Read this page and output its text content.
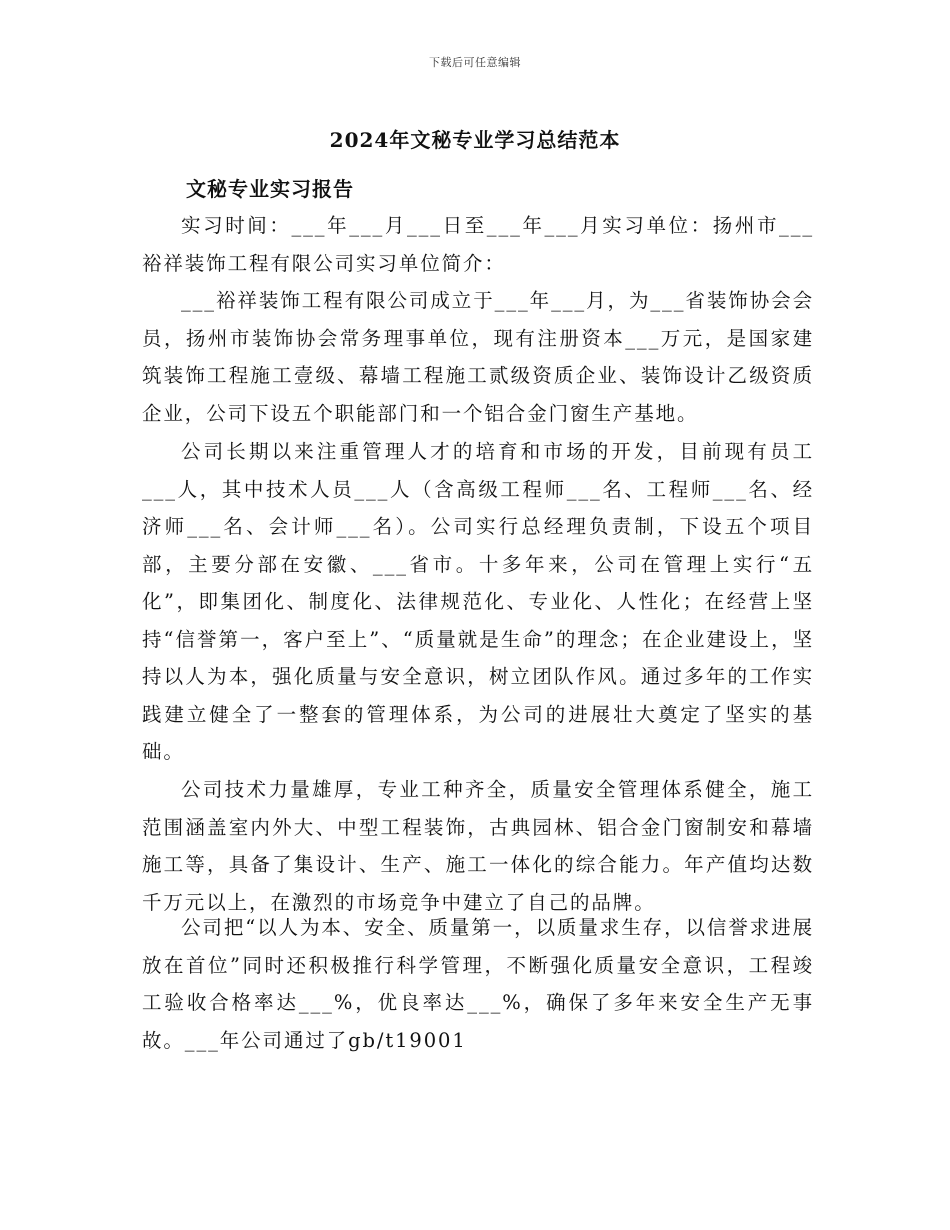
下载后可任意编辑
2024年文秘专业学习总结范本
文秘专业实习报告

实习时间：___年___月___日至___年___月实习单位：扬州市___裕祥装饰工程有限公司实习单位简介：

___裕祥装饰工程有限公司成立于___年___月，为___省装饰协会会员，扬州市装饰协会常务理事单位，现有注册资本___万元，是国家建筑装饰工程施工壹级、幕墙工程施工贰级资质企业、装饰设计乙级资质企业，公司下设五个职能部门和一个铝合金门窗生产基地。

公司长期以来注重管理人才的培育和市场的开发，目前现有员工___人，其中技术人员___人（含高级工程师___名、工程师___名、经济师___名、会计师___名）。公司实行总经理负责制，下设五个项目部，主要分部在安徽、___省市。十多年来，公司在管理上实行“五化”，即集团化、制度化、法律规范化、专业化、人性化；在经营上坚持“信誉第一，客户至上”、“质量就是生命”的理念；在企业建设上，坚持以人为本，强化质量与安全意识，树立团队作风。通过多年的工作实践建立健全了一整套的管理体系，为公司的进展壮大奠定了坚实的基础。

公司技术力量雄厚，专业工种齐全，质量安全管理体系健全，施工范围涵盖室内外大、中型工程装饰，古典园林、铝合金门窗制安和幕墙施工等，具备了集设计、生产、施工一体化的综合能力。年产值均达数千万元以上，在激烈的市场竞争中建立了自己的品牌。

公司把“以人为本、安全、质量第一，以质量求生存，以信誉求进展放在首位”同时还积极推行科学管理，不断强化质量安全意识，工程竣工验收合格率达___%，优良率达___%，确保了多年来安全生产无事故。___年公司通过了gb/t19001
